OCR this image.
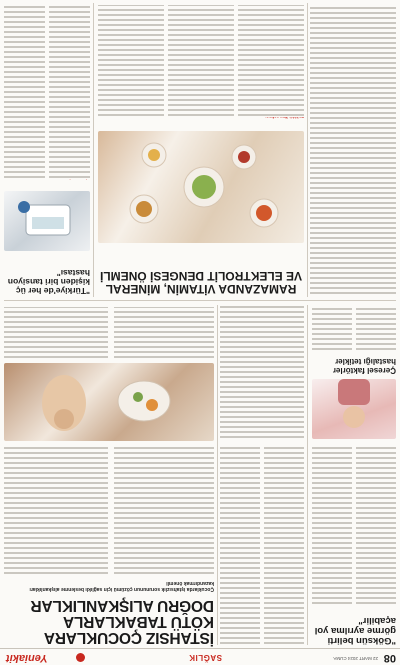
08
22 MART 2024 CUMA
SAĞLIK
Yeniakit

İSTAHSIZ ÇOCUKLARA KÖTÜ TABAKLARLA DOĞRU ALIŞKANLIKLAR

Çocuklarda iştahsızlık sorununun çözümü için sağlıklı beslenme alışkanlıkları kazandırmak önemli

"Göksün belirti görme ayrılma yol açabilir"

Çeresel faktörler hastalığı tetikler

RAMAZANDA VİTAMİN, MİNERAL VE ELEKTROLİT DENGESİ ÖNEMLİ

"Türkiye'de her üç kişiden biri tansiyon hastası"
